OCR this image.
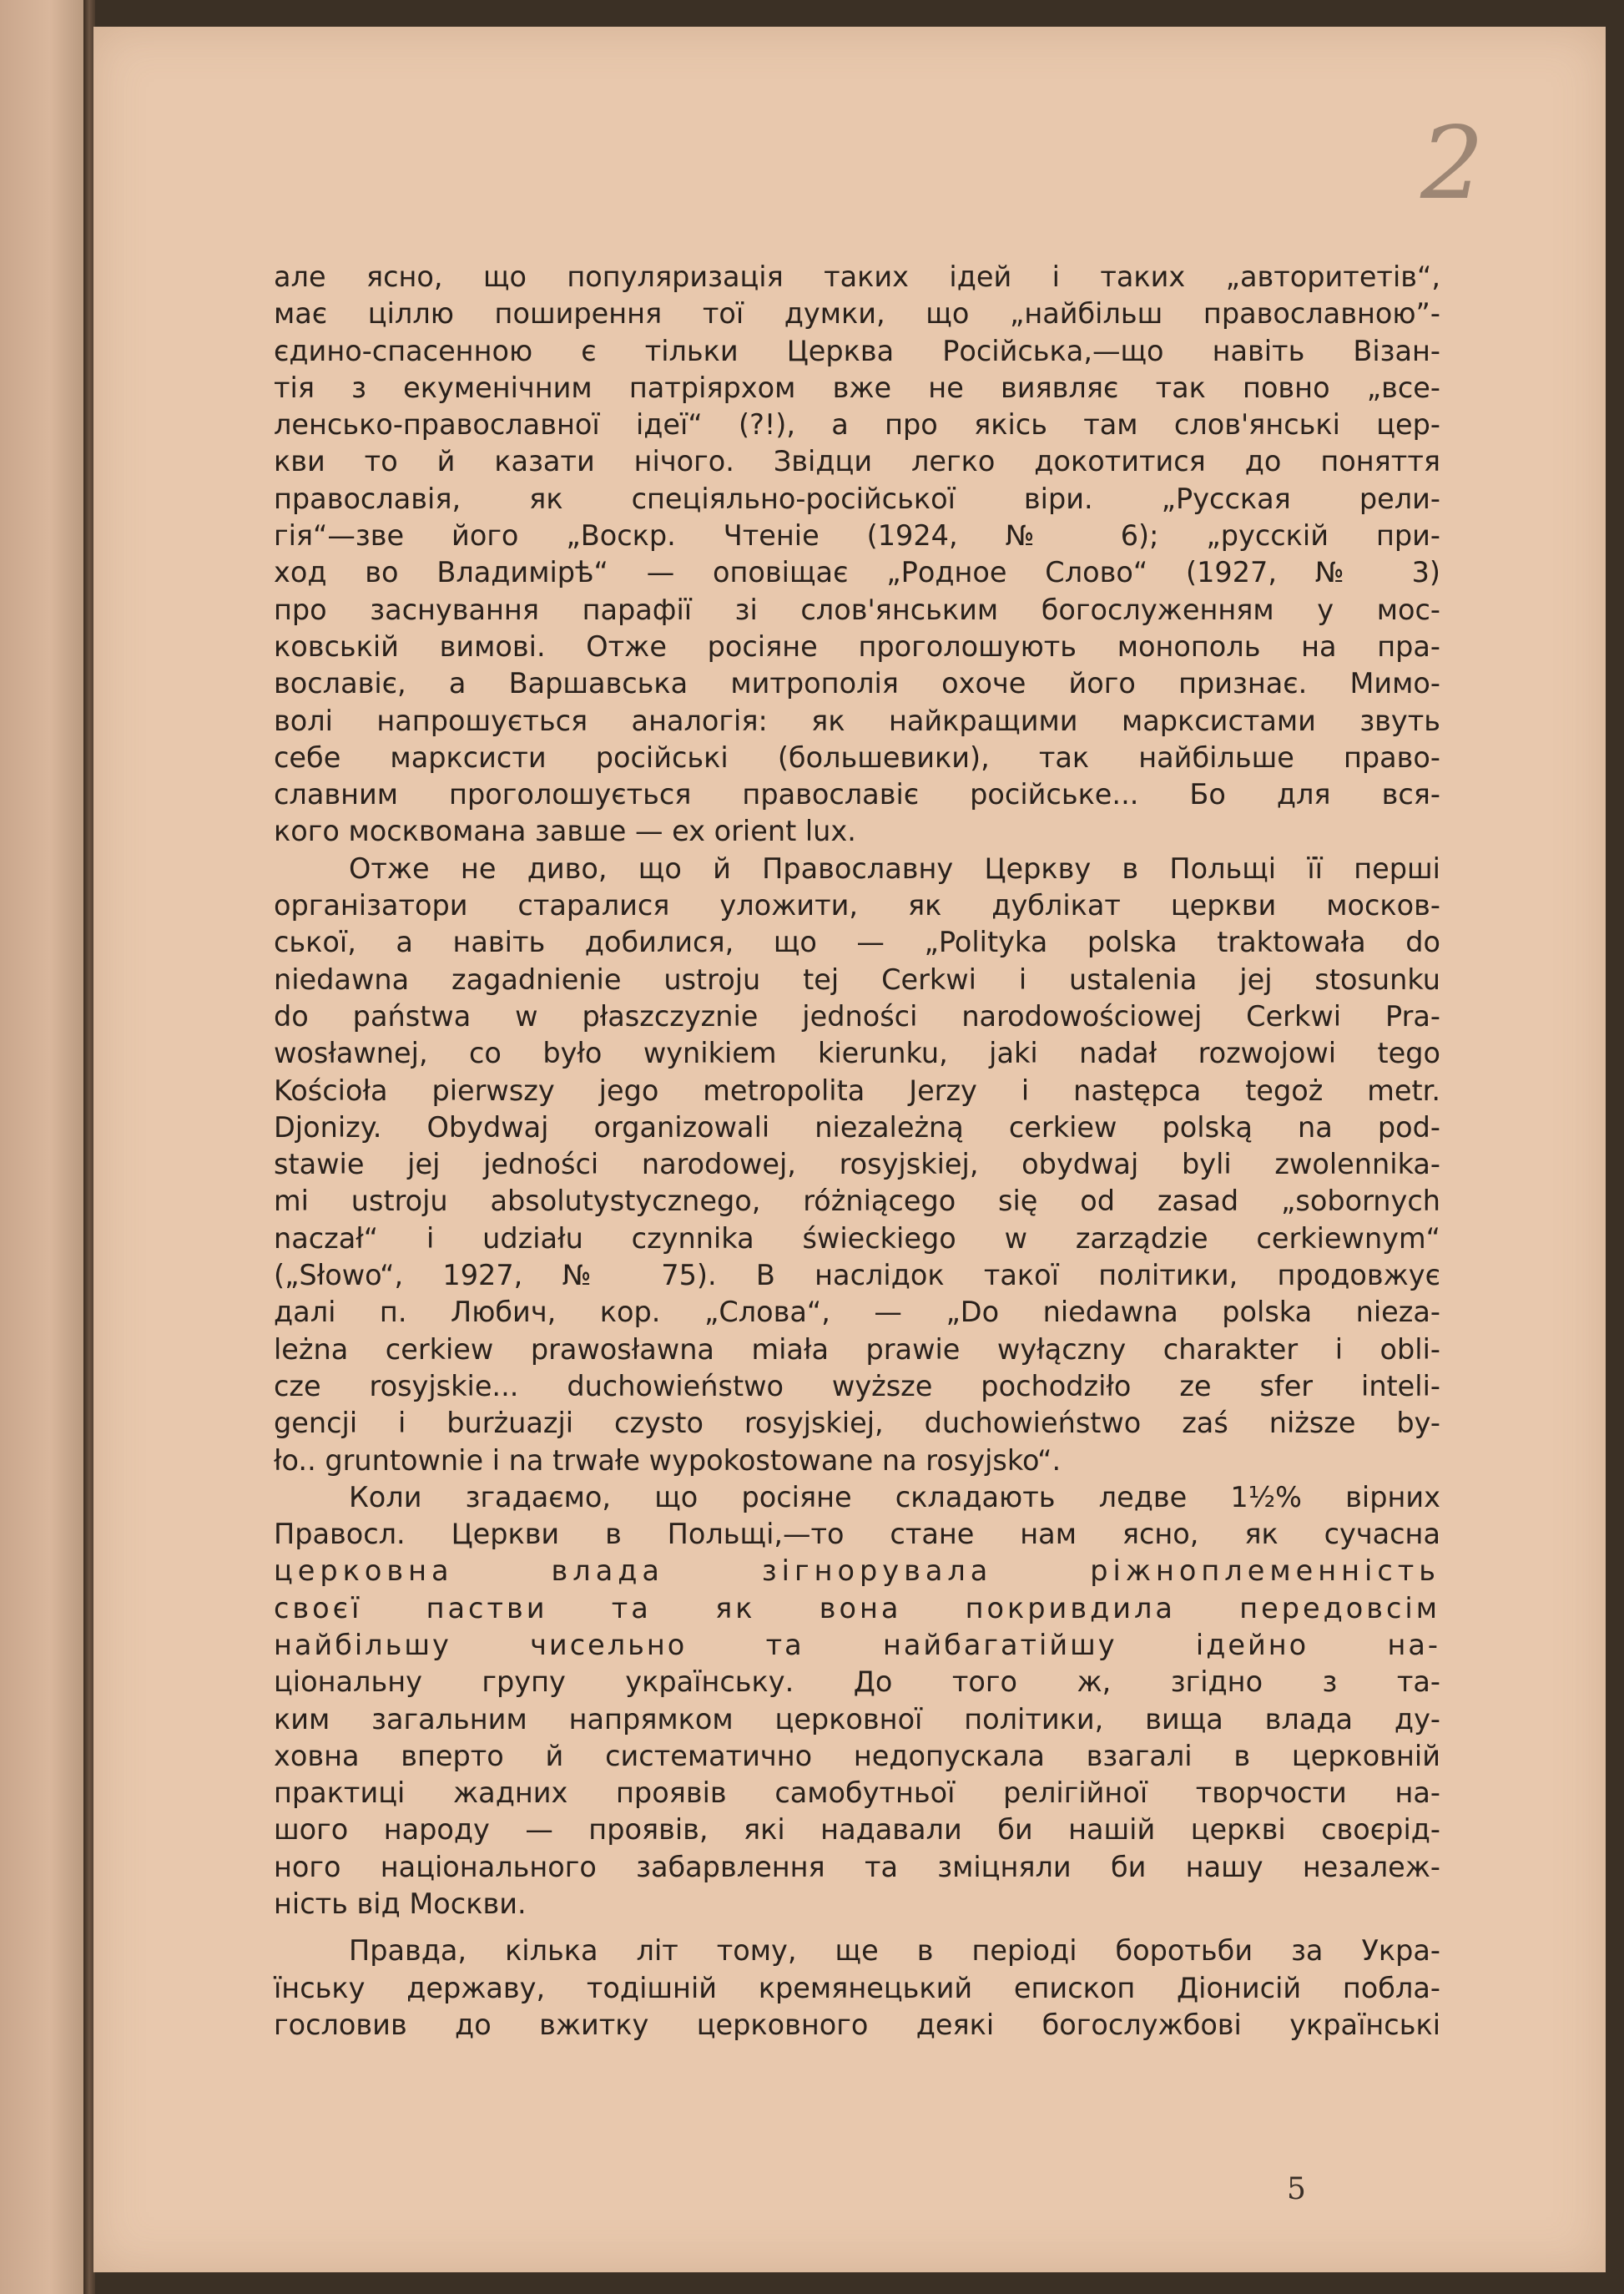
2
але ясно, що популяризація таких ідей і таких „авторитетів“,
має ціллю поширення тої думки, що „найбільш православною”-
єдино-спасенною є тільки Церква Російська,—що навіть Візан-
тія з екуменічним патріярхом вже не виявляє так повно „все-
ленсько-православної ідеї“ (?!), а про якісь там слов'янські цер-
кви то й казати нічого. Звідци легко докотитися до поняття
православія, як спеціяльно-російської віри. „Русская рели-
гія“—зве його „Воскр. Чтеніе (1924, № 6); „русскій при-
ход во Владимірѣ“ — оповіщає „Родное Слово“ (1927, № 3)
про заснування парафії зі слов'янським богослуженням у мос-
ковській вимові. Отже росіяне проголошують монополь на пра-
вославіє, а Варшавська митрополія охоче його признає. Мимо-
волі напрошується аналогія: як найкращими марксистами звуть
себе марксисти російські (большевики), так найбільше право-
славним проголошується православіє російське... Бо для вся-
кого москвомана завше — ex orient lux.
Отже не диво, що й Православну Церкву в Польщі її перші
організатори старалися уложити, як дублікат церкви москов-
ської, а навіть добилися, що — „Polityka polska traktowała do
niedawna zagadnienie ustroju tej Cerkwi i ustalenia jej stosunku
do państwa w płaszczyznie jedności narodowościowej Cerkwi Pra-
wosławnej, co było wynikiem kierunku, jaki nadał rozwojowi tego
Kościoła pierwszy jego metropolita Jerzy i następca tegoż metr.
Djonizy. Obydwaj organizowali niezależną cerkiew polską na pod-
stawie jej jedności narodowej, rosyjskiej, obydwaj byli zwolennika-
mi ustroju absolutystycznego, różniącego się od zasad „sobornych
naczał“ i udziału czynnika świeckiego w zarządzie cerkiewnym“
(„Słowo“, 1927, № 75). В наслідок такої політики, продовжує
далі п. Любич, кор. „Слова“, — „Do niedawna polska nieza-
leżna cerkiew prawosławna miała prawie wyłączny charakter i obli-
cze rosyjskie... duchowieństwo wyższe pochodziło ze sfer inteli-
gencji i burżuazji czysto rosyjskiej, duchowieństwo zaś niższe by-
ło.. gruntownie i na trwałe wypokostowane na rosyjsko“.
Коли згадаємо, що росіяне складають ледве 1½% вірних
Правосл. Церкви в Польщі,—то стане нам ясно, як сучасна
церковна влада зігнорувала ріжноплеменність
своєї пастви та як вона покривдила передовсім
найбільшу чисельно та найбагатійшу ідейно на-
ціональну групу українську. До того ж, згідно з та-
ким загальним напрямком церковної політики, вища влада ду-
ховна вперто й систематично недопускала взагалі в церковній
практиці жадних проявів самобутньої релігійної творчости на-
шого народу — проявів, які надавали би нашій церкві своєрід-
ного національного забарвлення та зміцняли би нашу незалеж-
ність від Москви.
Правда, кілька літ тому, ще в періоді боротьби за Укра-
їнську державу, тодішній кремянецький епископ Діонисій побла-
гословив до вжитку церковного деякі богослужбові українські
5
